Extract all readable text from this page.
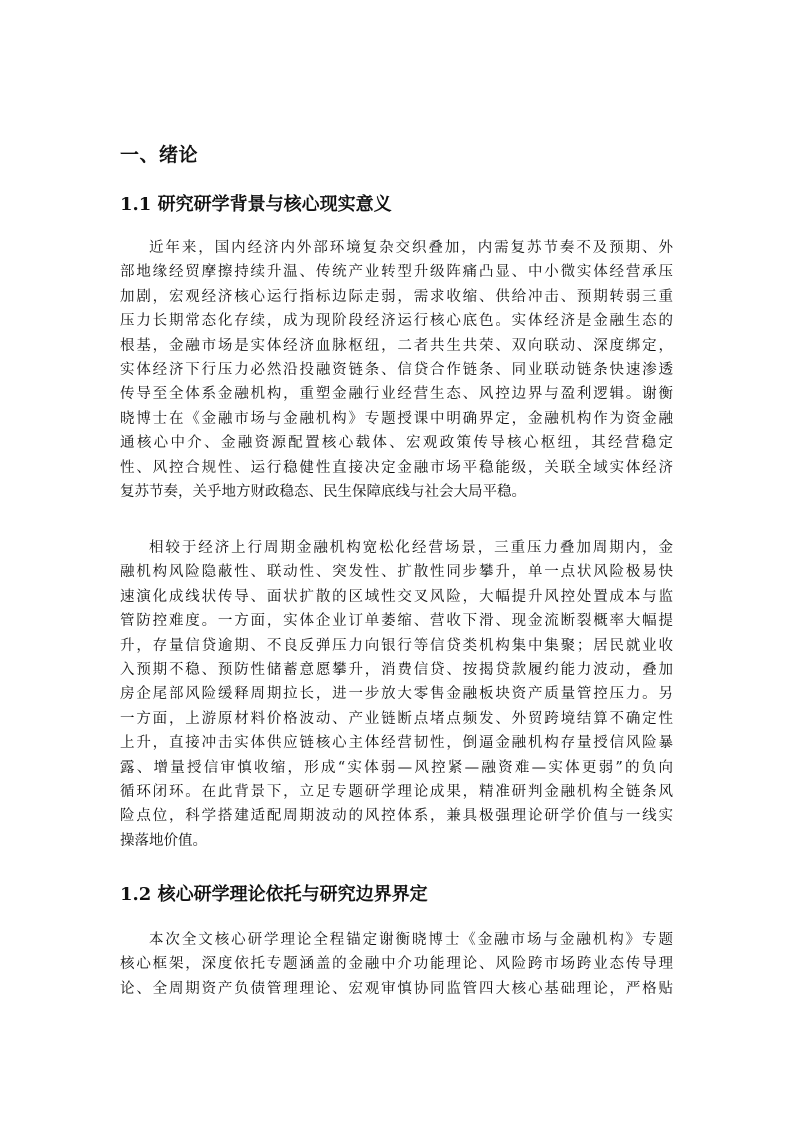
一、绪论
1.1 研究研学背景与核心现实意义
近年来，国内经济内外部环境复杂交织叠加，内需复苏节奏不及预期、外
部地缘经贸摩擦持续升温、传统产业转型升级阵痛凸显、中小微实体经营承压
加剧，宏观经济核心运行指标边际走弱，需求收缩、供给冲击、预期转弱三重
压力长期常态化存续，成为现阶段经济运行核心底色。实体经济是金融生态的
根基，金融市场是实体经济血脉枢纽，二者共生共荣、双向联动、深度绑定，
实体经济下行压力必然沿投融资链条、信贷合作链条、同业联动链条快速渗透
传导至全体系金融机构，重塑金融行业经营生态、风控边界与盈利逻辑。谢衡
晓博士在《金融市场与金融机构》专题授课中明确界定，金融机构作为资金融
通核心中介、金融资源配置核心载体、宏观政策传导核心枢纽，其经营稳定
性、风控合规性、运行稳健性直接决定金融市场平稳能级，关联全域实体经济
复苏节奏，关乎地方财政稳态、民生保障底线与社会大局平稳。
相较于经济上行周期金融机构宽松化经营场景，三重压力叠加周期内，金
融机构风险隐蔽性、联动性、突发性、扩散性同步攀升，单一点状风险极易快
速演化成线状传导、面状扩散的区域性交叉风险，大幅提升风控处置成本与监
管防控难度。一方面，实体企业订单萎缩、营收下滑、现金流断裂概率大幅提
升，存量信贷逾期、不良反弹压力向银行等信贷类机构集中集聚；居民就业收
入预期不稳、预防性储蓄意愿攀升，消费信贷、按揭贷款履约能力波动，叠加
房企尾部风险缓释周期拉长，进一步放大零售金融板块资产质量管控压力。另
一方面，上游原材料价格波动、产业链断点堵点频发、外贸跨境结算不确定性
上升，直接冲击实体供应链核心主体经营韧性，倒逼金融机构存量授信风险暴
露、增量授信审慎收缩，形成“实体弱—风控紧—融资难—实体更弱”的负向
循环闭环。在此背景下，立足专题研学理论成果，精准研判金融机构全链条风
险点位，科学搭建适配周期波动的风控体系，兼具极强理论研学价值与一线实
操落地价值。
1.2 核心研学理论依托与研究边界界定
本次全文核心研学理论全程锚定谢衡晓博士《金融市场与金融机构》专题
核心框架，深度依托专题涵盖的金融中介功能理论、风险跨市场跨业态传导理
论、全周期资产负债管理理论、宏观审慎协同监管四大核心基础理论，严格贴
